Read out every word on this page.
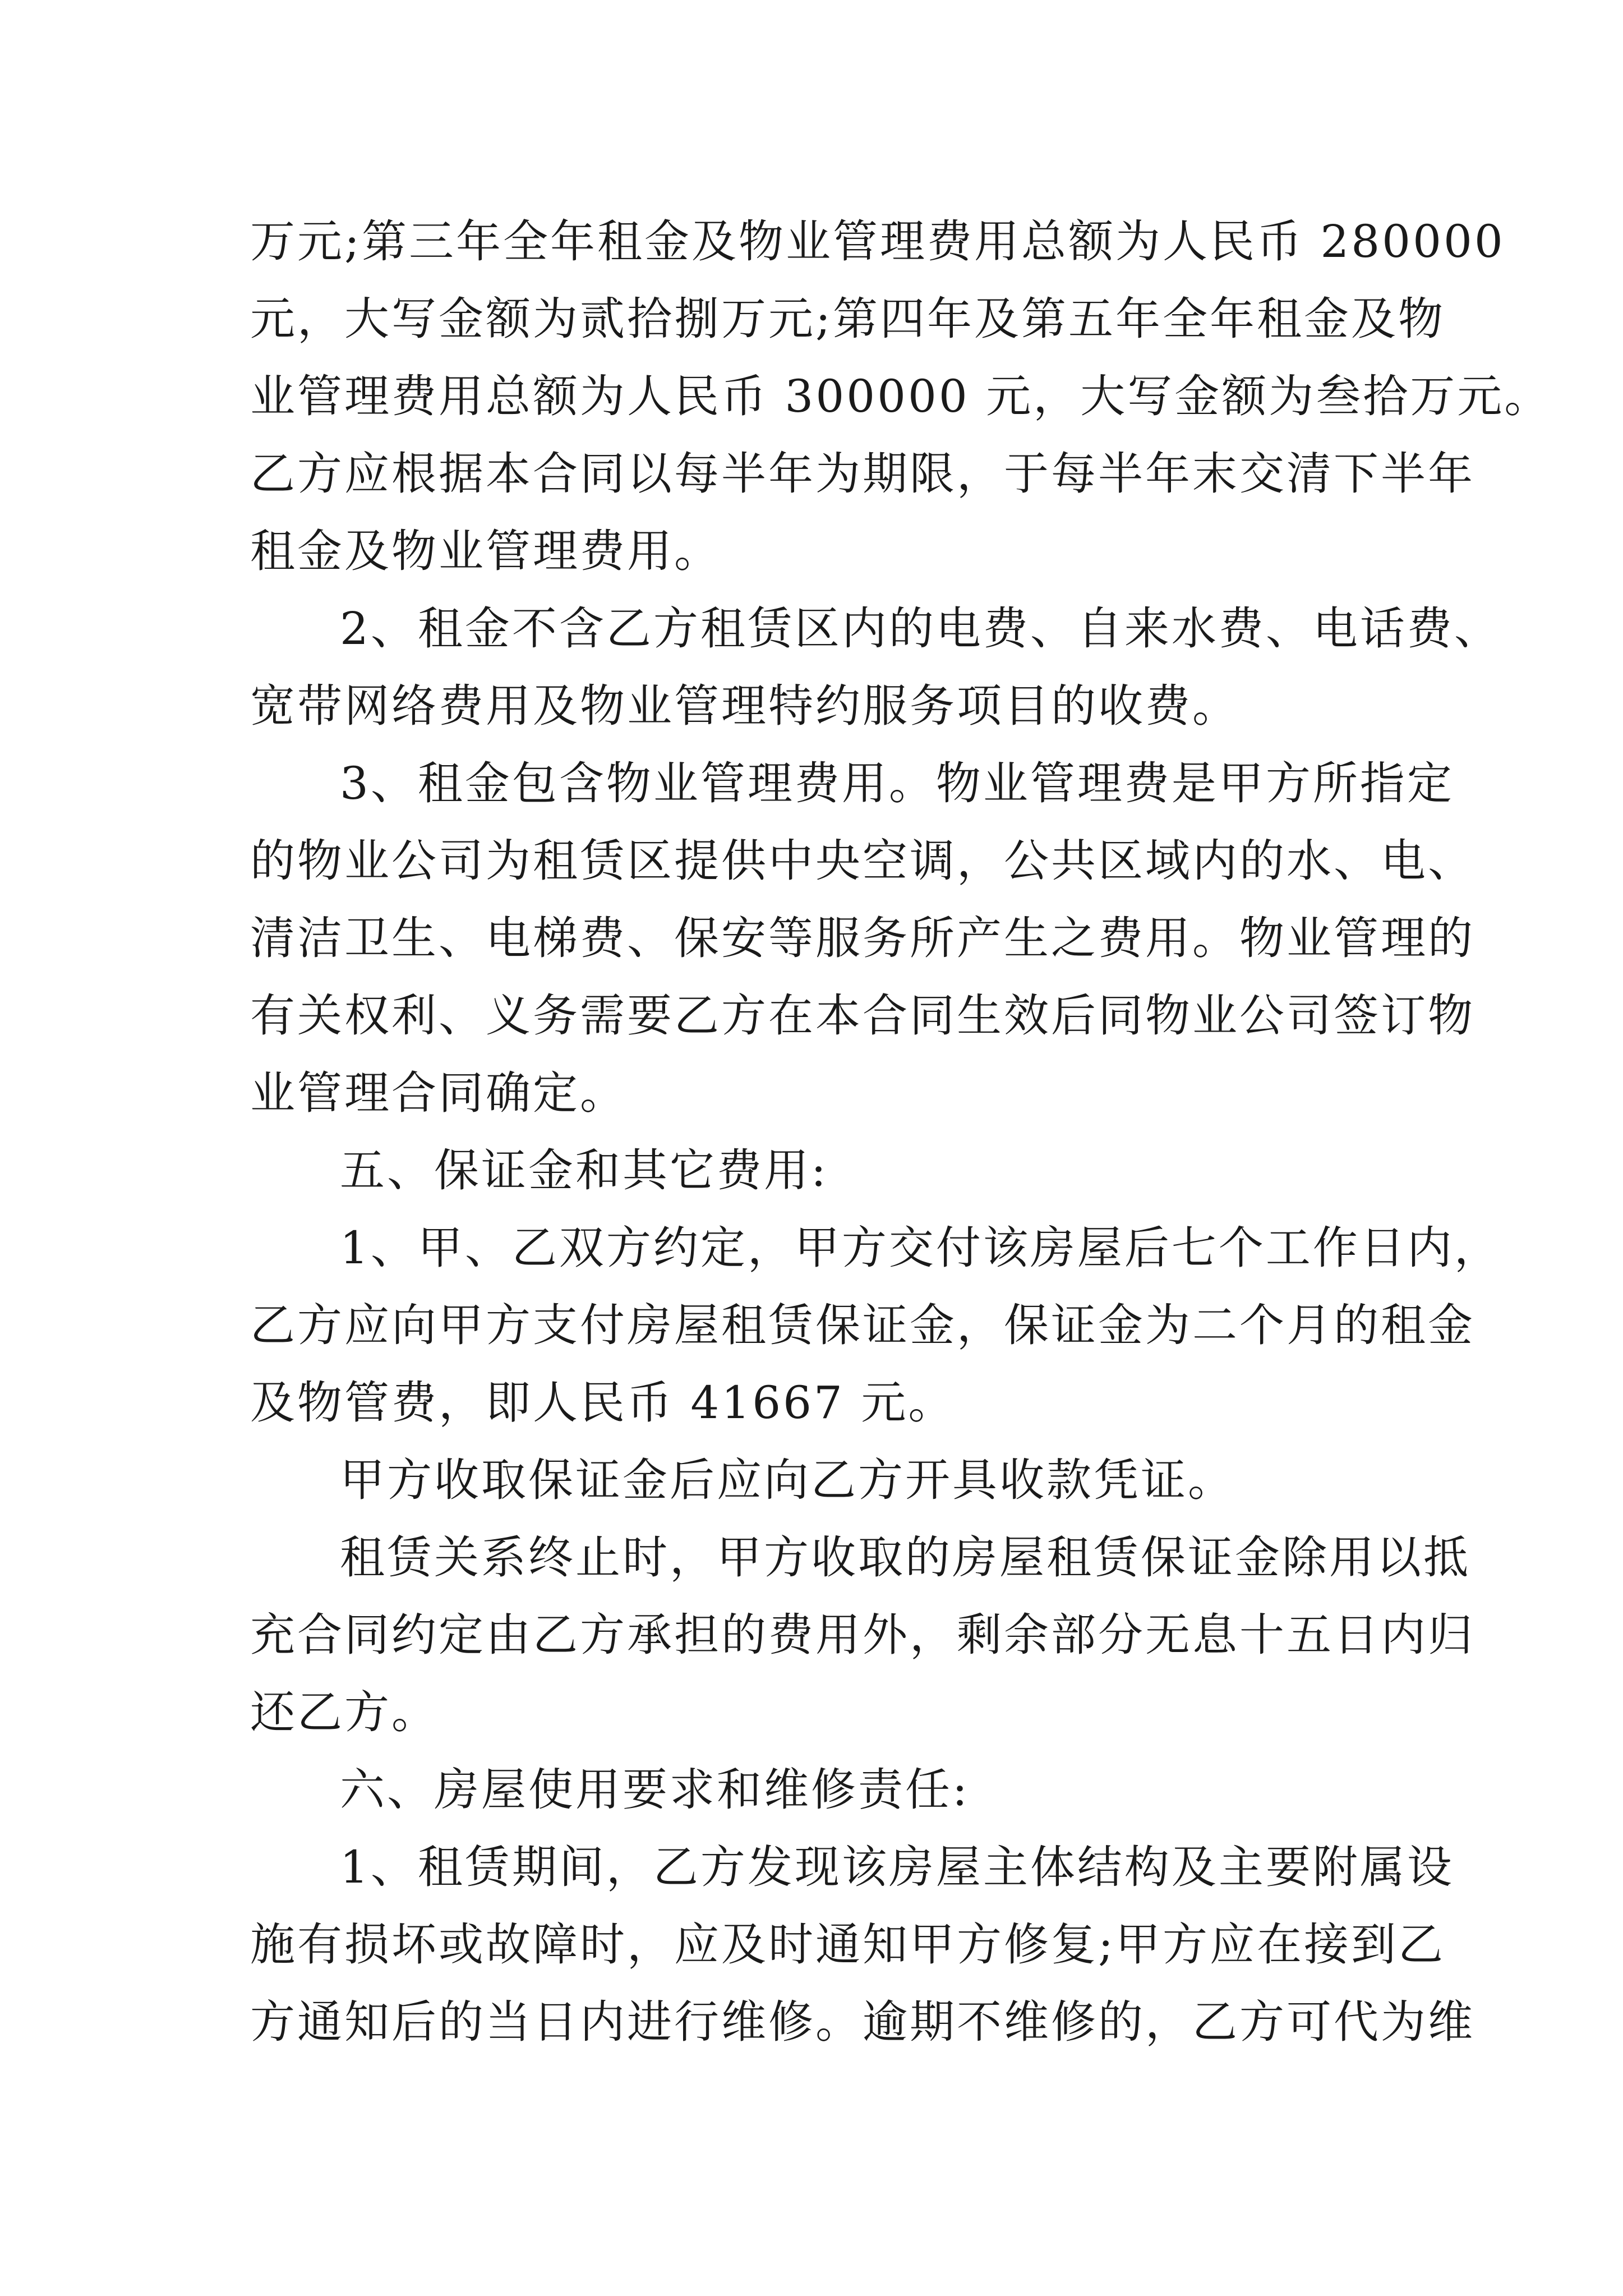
万元;第三年全年租金及物业管理费用总额为人民币 280000
元，大写金额为贰拾捌万元;第四年及第五年全年租金及物
业管理费用总额为人民币 300000 元，大写金额为叁拾万元。
乙方应根据本合同以每半年为期限，于每半年末交清下半年
租金及物业管理费用。
2、租金不含乙方租赁区内的电费、自来水费、电话费、
宽带网络费用及物业管理特约服务项目的收费。
3、租金包含物业管理费用。物业管理费是甲方所指定
的物业公司为租赁区提供中央空调，公共区域内的水、电、
清洁卫生、电梯费、保安等服务所产生之费用。物业管理的
有关权利、义务需要乙方在本合同生效后同物业公司签订物
业管理合同确定。
五、保证金和其它费用:
1、甲、乙双方约定，甲方交付该房屋后七个工作日内，
乙方应向甲方支付房屋租赁保证金，保证金为二个月的租金
及物管费，即人民币 41667 元。
甲方收取保证金后应向乙方开具收款凭证。
租赁关系终止时，甲方收取的房屋租赁保证金除用以抵
充合同约定由乙方承担的费用外，剩余部分无息十五日内归
还乙方。
六、房屋使用要求和维修责任:
1、租赁期间，乙方发现该房屋主体结构及主要附属设
施有损坏或故障时，应及时通知甲方修复;甲方应在接到乙
方通知后的当日内进行维修。逾期不维修的，乙方可代为维
